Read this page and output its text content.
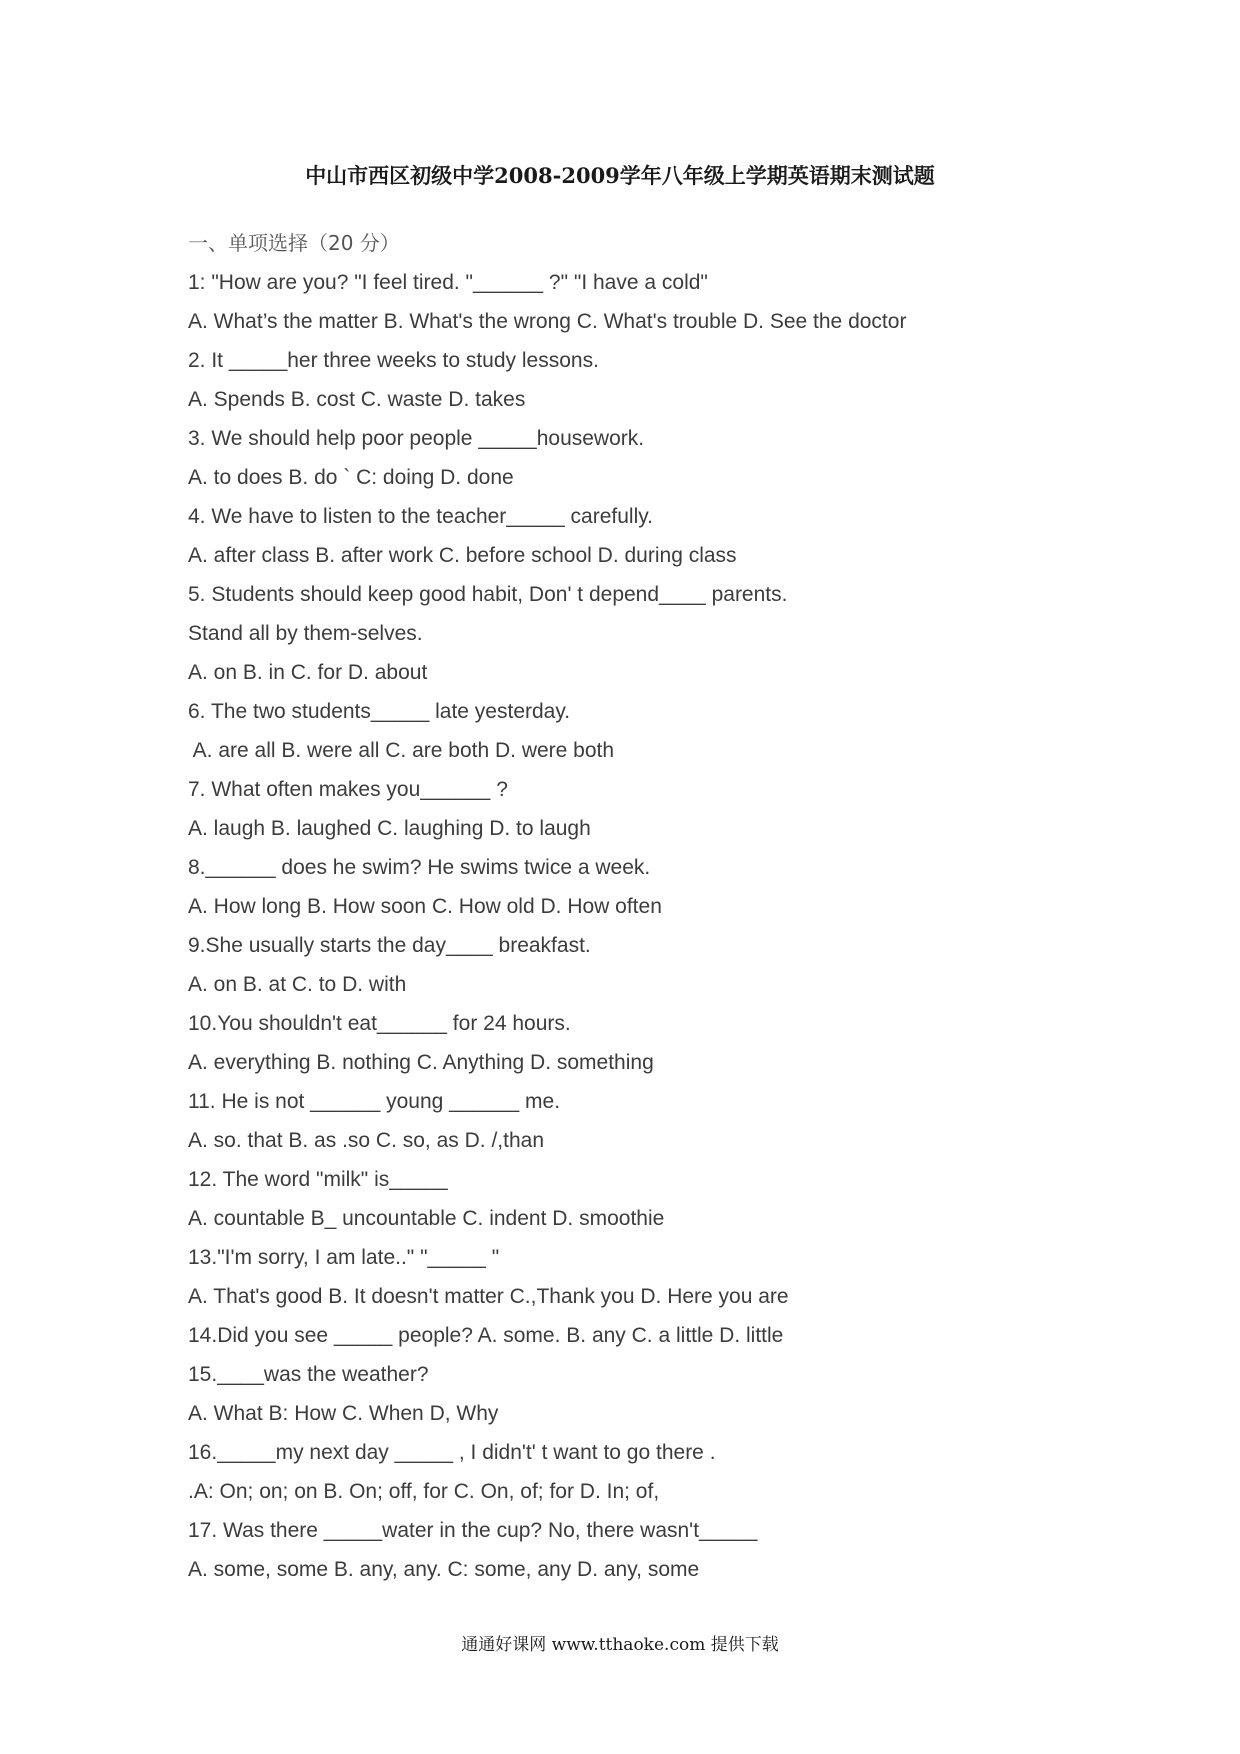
中山市西区初级中学2008-2009学年八年级上学期英语期末测试题

一、单项选择（20 分）

1: "How are you? "I feel tired. "______ ?" "I have a cold"

A. What’s the matter B. What's the wrong C. What's trouble D. See the doctor

2. It _____her three weeks to study lessons.

A. Spends B. cost C. waste D. takes

3. We should help poor people _____housework.

A. to does B. do ` C: doing D. done

4. We have to listen to the teacher_____ carefully.

A. after class B. after work C. before school D. during class

5. Students should keep good habit, Don' t depend____ parents.

Stand all by them-selves.

A. on B. in C. for D. about

6. The two students_____ late yesterday.

A. are all B. were all C. are both D. were both

7. What often makes you______ ?

A. laugh B. laughed C. laughing D. to laugh

8.______ does he swim? He swims twice a week.

A. How long B. How soon C. How old D. How often

9.She usually starts the day____ breakfast.

A. on B. at C. to D. with

10.You shouldn't eat______ for 24 hours.

A. everything B. nothing C. Anything D. something

11. He is not ______ young ______ me.

A. so. that B. as .so C. so, as D. /,than

12. The word "milk" is_____

A. countable B_ uncountable C. indent D. smoothie

13."I'm sorry, I am late.." "_____ "

A. That's good B. It doesn't matter C.,Thank you D. Here you are

14.Did you see _____ people? A. some. B. any C. a little D. little

15.____was the weather?

A. What B: How C. When D, Why

16._____my next day _____ , I didn't' t want to go there .

.A: On; on; on B. On; off, for C. On, of; for D. In; of,

17. Was there _____water in the cup? No, there wasn't_____

A. some, some B. any, any. C: some, any D. any, some

通通好课网 www.tthaoke.com 提供下载
